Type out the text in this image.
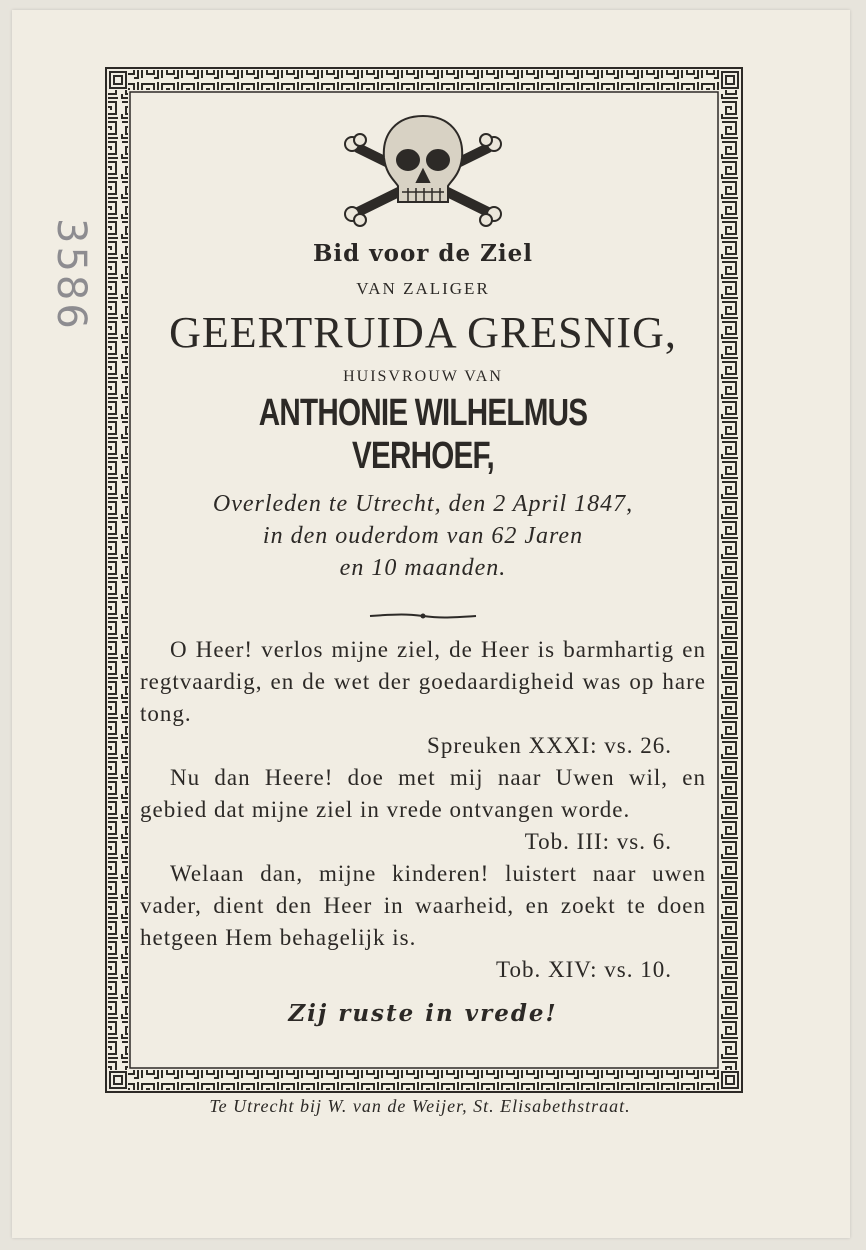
3586	Bid voor de Ziel
VAN ZALIGER
GEERTRUIDA GRESNIG,
HUISVROUW VAN
ANTHONIE WILHELMUS VERHOEF,
Overleden te Utrecht, den 2 April 1847,
in den ouderdom van 62 Jaren
en 10 maanden.

O Heer! verlos mijne ziel, de Heer is barmhartig en regtvaardig, en de wet der goedaardigheid was op hare tong.

Spreuken XXXI: vs. 26.

Nu dan Heere! doe met mij naar Uwen wil, en gebied dat mijne ziel in vrede ontvangen worde.

Tob. III: vs. 6.

Welaan dan, mijne kinderen! luistert naar uwen vader, dient den Heer in waarheid, en zoekt te doen hetgeen Hem behagelijk is.

Tob. XIV: vs. 10.
Zij ruste in vrede!
Te Utrecht bij W. van de Weijer, St. Elisabethstraat.
